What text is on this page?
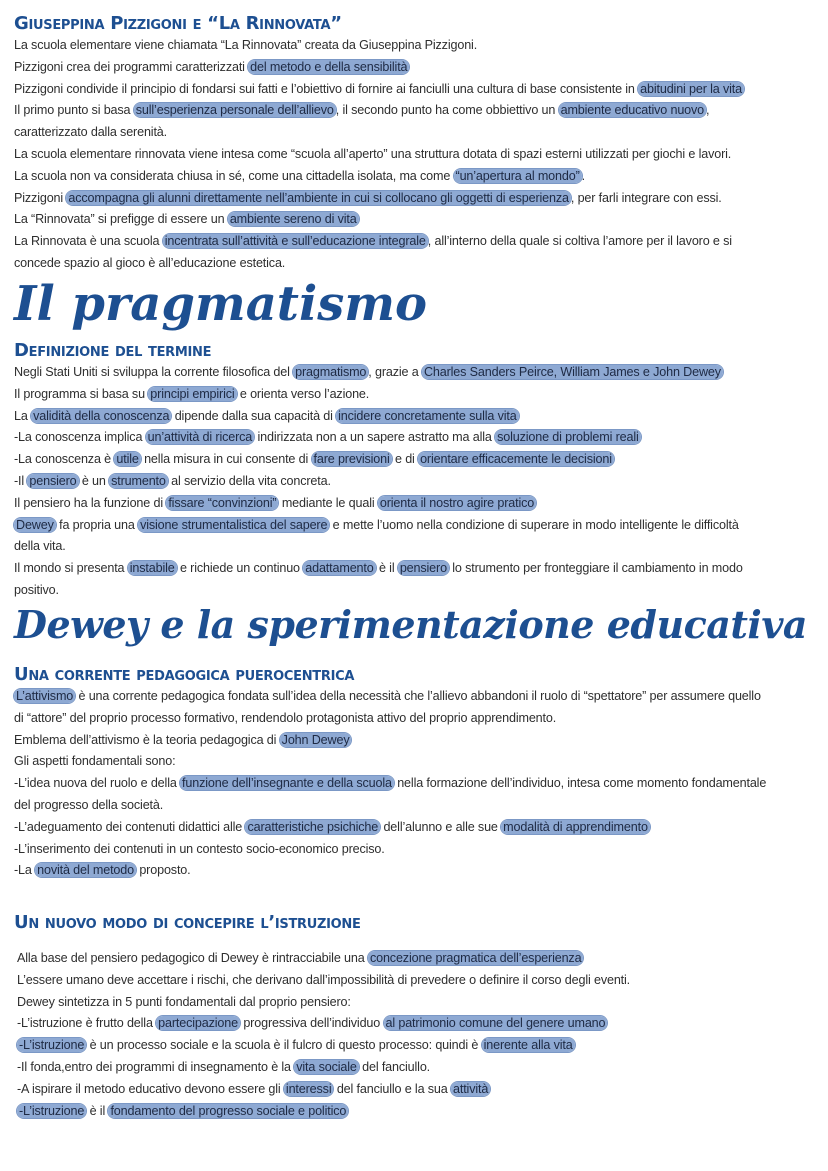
Giuseppina Pizzigoni e “La Rinnovata”
La scuola elementare viene chiamata “La Rinnovata” creata da Giuseppina Pizzigoni.
Pizzigoni crea dei programmi caratterizzati del metodo e della sensibilità
Pizzigoni condivide il principio di fondarsi sui fatti e l’obiettivo di fornire ai fanciulli una cultura di base consistente in abitudini per la vita
Il primo punto si basa sull’esperienza personale dell’allievo , il secondo punto ha come obbiettivo un ambiente educativo nuovo ,
caratterizzato dalla serenità.
La scuola elementare rinnovata viene intesa come “scuola all’aperto” una struttura dotata di spazi esterni utilizzati per giochi e lavori.
La scuola non va considerata chiusa in sé, come una cittadella isolata, ma come “un’apertura al mondo” .
Pizzigoni accompagna gli alunni direttamente nell’ambiente in cui si collocano gli oggetti di esperienza , per farli integrare con essi.
La “Rinnovata” si prefigge di essere un ambiente sereno di vita
La Rinnovata è una scuola incentrata sull’attività e sull’educazione integrale , all’interno della quale si coltiva l’amore per il lavoro e si
concede spazio al gioco è all’educazione estetica.
Il pragmatismo
Definizione del termine
Negli Stati Uniti si sviluppa la corrente filosofica del pragmatismo , grazie a Charles Sanders Peirce, William James e John Dewey
Il programma si basa su principi empirici e orienta verso l’azione.
La validità della conoscenza dipende dalla sua capacità di incidere concretamente sulla vita
-La conoscenza implica un’attività di ricerca indirizzata non a un sapere astratto ma alla soluzione di problemi reali
-La conoscenza è utile nella misura in cui consente di fare previsioni e di orientare efficacemente le decisioni
-Il pensiero è un strumento al servizio della vita concreta.
Il pensiero ha la funzione di fissare “convinzioni” mediante le quali orienta il nostro agire pratico
Dewey fa propria una visione strumentalistica del sapere e mette l’uomo nella condizione di superare in modo intelligente le difficoltà
della vita.
Il mondo si presenta instabile e richiede un continuo adattamento è il pensiero lo strumento per fronteggiare il cambiamento in modo
positivo.
Dewey e la sperimentazione educativa
Una corrente pedagogica puerocentrica
L’attivismo è una corrente pedagogica fondata sull’idea della necessità che l’allievo abbandoni il ruolo di “spettatore” per assumere quello
di “attore” del proprio processo formativo, rendendolo protagonista attivo del proprio apprendimento.
Emblema dell’attivismo è la teoria pedagogica di John Dewey
Gli aspetti fondamentali sono:
-L’idea nuova del ruolo e della funzione dell’insegnante e della scuola nella formazione dell’individuo, intesa come momento fondamentale
del progresso della società.
-L’adeguamento dei contenuti didattici alle caratteristiche psichiche dell’alunno e alle sue modalità di apprendimento
-L’inserimento dei contenuti in un contesto socio-economico preciso.
-La novità del metodo proposto.
Un nuovo modo di concepire l’istruzione
Alla base del pensiero pedagogico di Dewey è rintracciabile una concezione pragmatica dell’esperienza
L’essere umano deve accettare i rischi, che derivano dall’impossibilità di prevedere o definire il corso degli eventi.
Dewey sintetizza in 5 punti fondamentali dal proprio pensiero:
-L’istruzione è frutto della partecipazione progressiva dell’individuo al patrimonio comune del genere umano
-L’istruzione è un processo sociale e la scuola è il fulcro di questo processo: quindi è inerente alla vita
-Il fonda,entro dei programmi di insegnamento è la vita sociale del fanciullo.
-A ispirare il metodo educativo devono essere gli interessi del fanciullo e la sua attività
-L’istruzione è il fondamento del progresso sociale e politico
